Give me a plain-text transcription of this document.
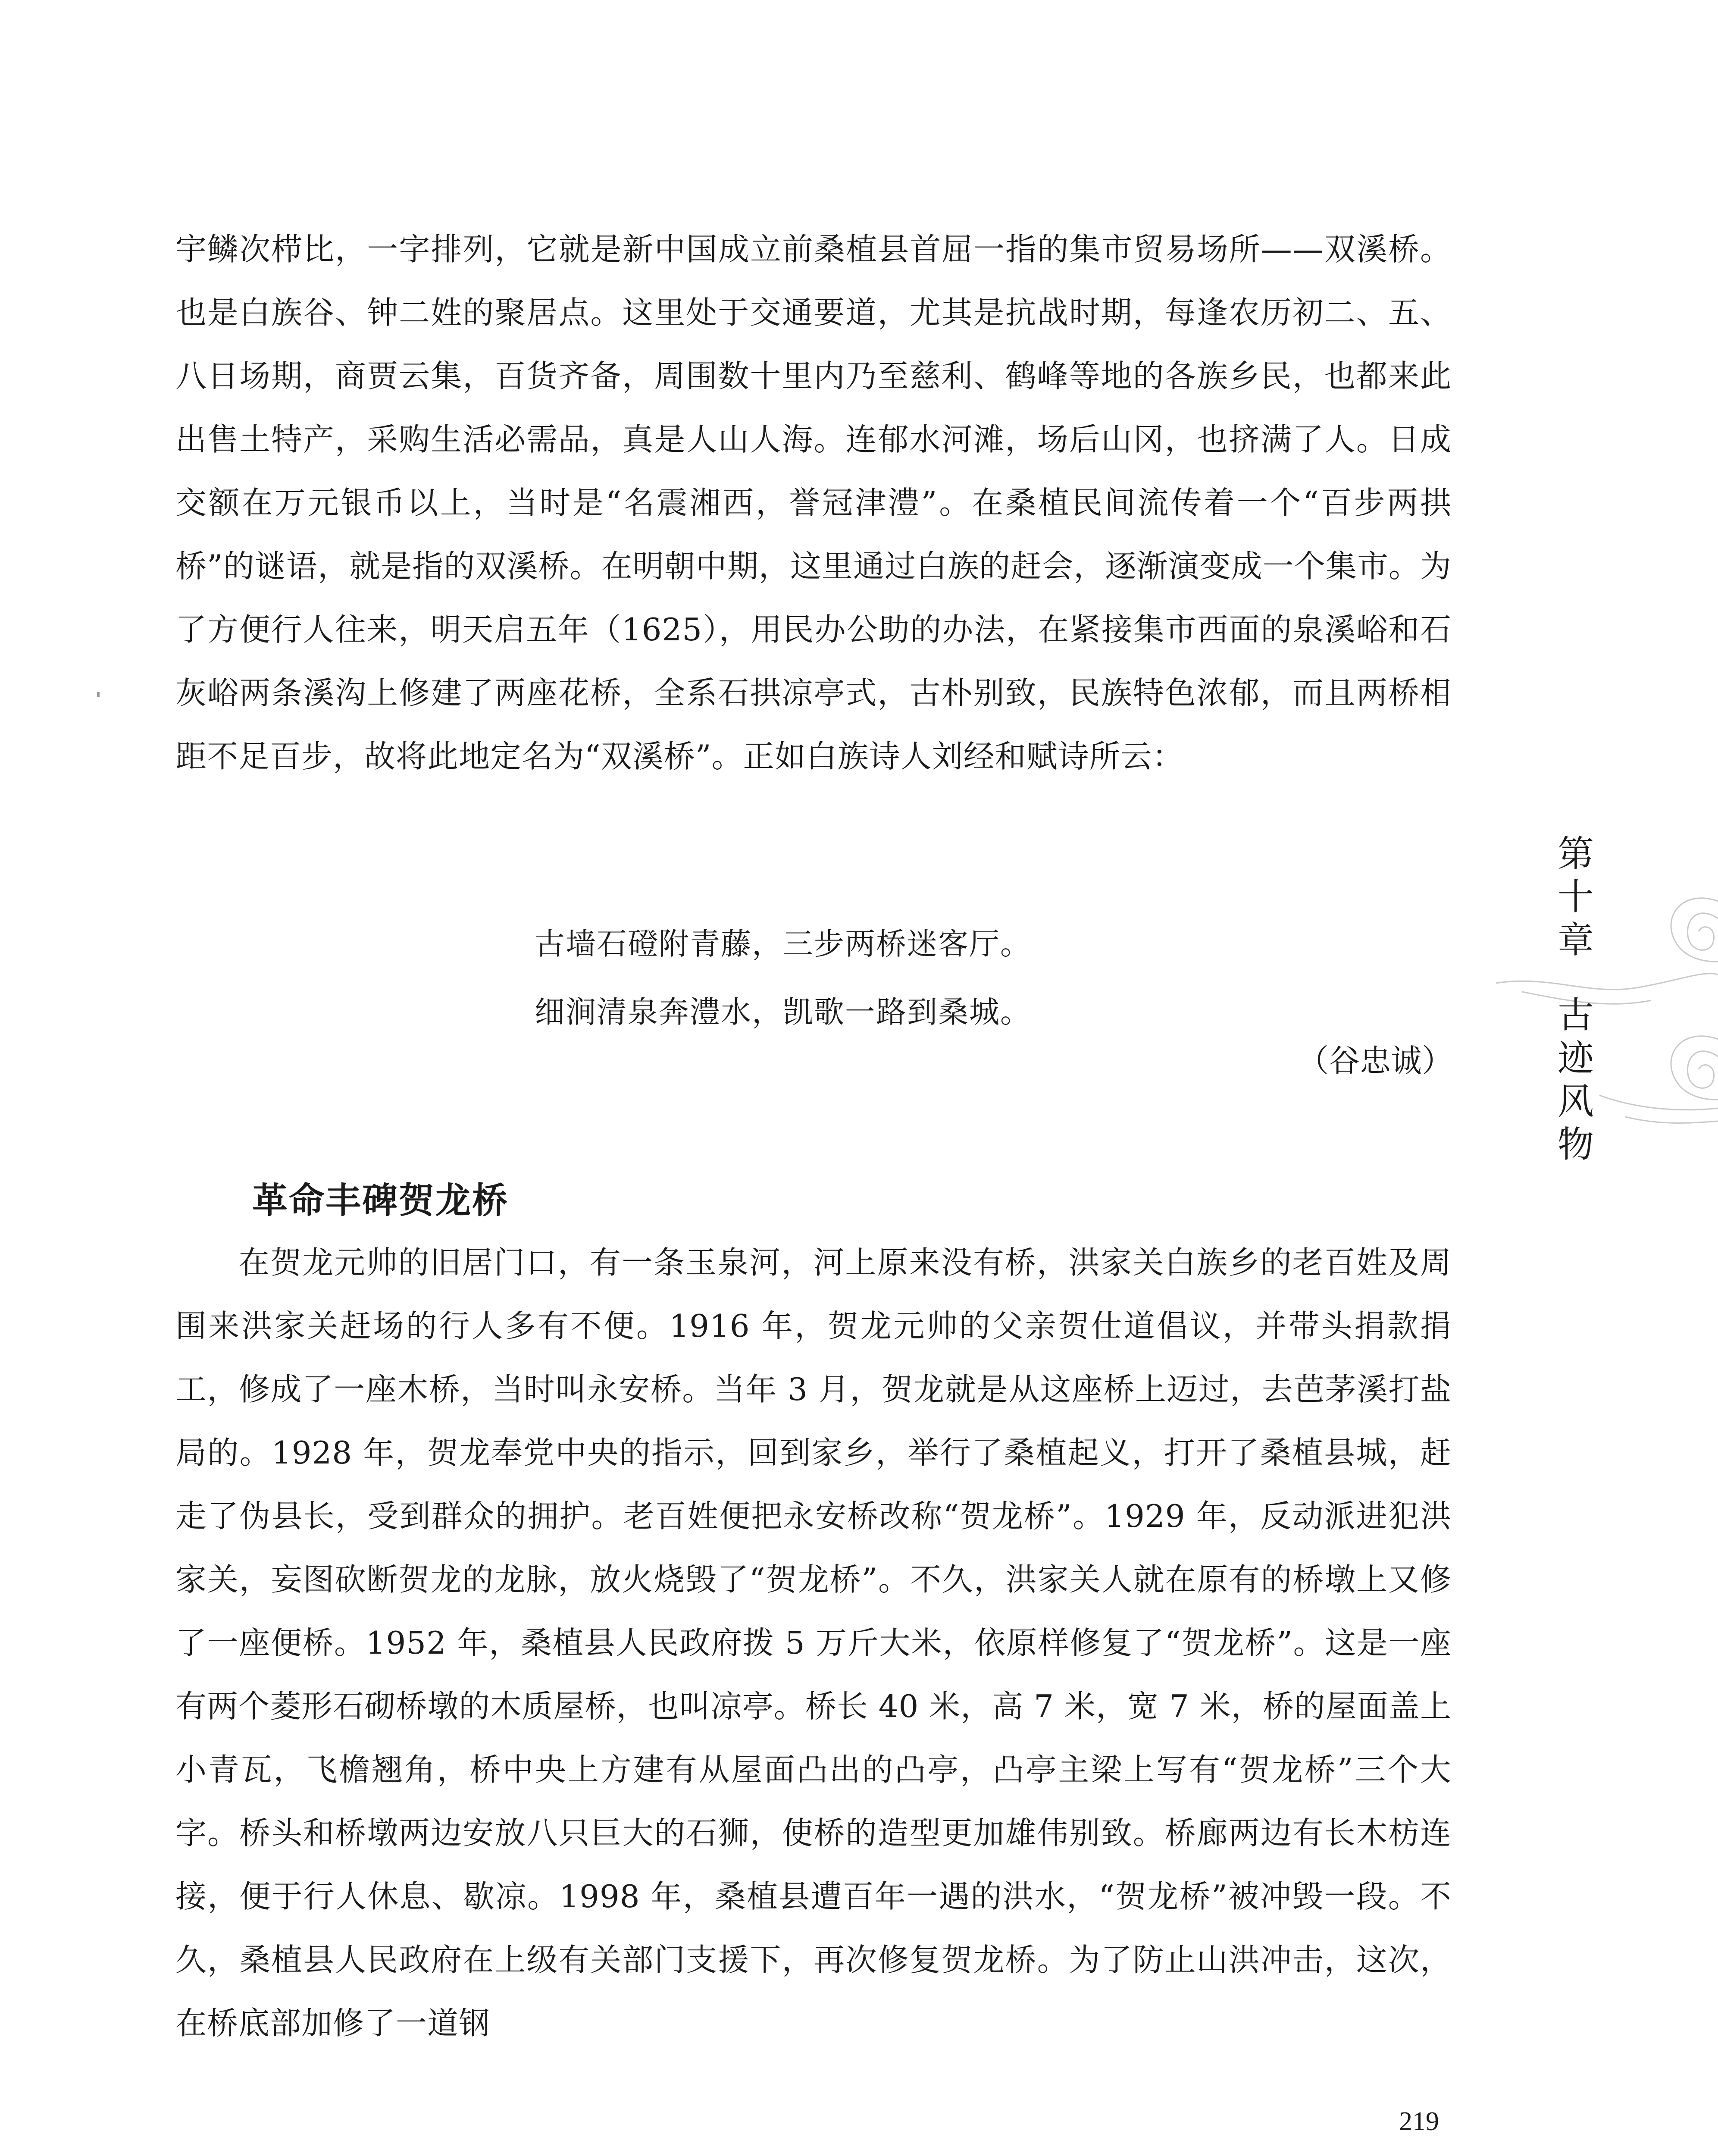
宇鳞次栉比，一字排列，它就是新中国成立前桑植县首屈一指的集市贸易场所——双溪桥。也是白族谷、钟二姓的聚居点。这里处于交通要道，尤其是抗战时期，每逢农历初二、五、八日场期，商贾云集，百货齐备，周围数十里内乃至慈利、鹤峰等地的各族乡民，也都来此出售土特产，采购生活必需品，真是人山人海。连郁水河滩，场后山冈，也挤满了人。日成交额在万元银币以上，当时是“名震湘西，誉冠津澧”。在桑植民间流传着一个“百步两拱桥”的谜语，就是指的双溪桥。在明朝中期，这里通过白族的赶会，逐渐演变成一个集市。为了方便行人往来，明天启五年（1625），用民办公助的办法，在紧接集市西面的泉溪峪和石灰峪两条溪沟上修建了两座花桥，全系石拱凉亭式，古朴别致，民族特色浓郁，而且两桥相距不足百步，故将此地定名为“双溪桥”。正如白族诗人刘经和赋诗所云：

古墙石磴附青藤，三步两桥迷客厅。
细涧清泉奔澧水，凯歌一路到桑城。
（谷忠诚）
革命丰碑贺龙桥

在贺龙元帅的旧居门口，有一条玉泉河，河上原来没有桥，洪家关白族乡的老百姓及周围来洪家关赶场的行人多有不便。1916 年，贺龙元帅的父亲贺仕道倡议，并带头捐款捐工，修成了一座木桥，当时叫永安桥。当年 3 月，贺龙就是从这座桥上迈过，去芭茅溪打盐局的。1928 年，贺龙奉党中央的指示，回到家乡，举行了桑植起义，打开了桑植县城，赶走了伪县长，受到群众的拥护。老百姓便把永安桥改称“贺龙桥”。1929 年，反动派进犯洪家关，妄图砍断贺龙的龙脉，放火烧毁了“贺龙桥”。不久，洪家关人就在原有的桥墩上又修了一座便桥。1952 年，桑植县人民政府拨 5 万斤大米，依原样修复了“贺龙桥”。这是一座有两个菱形石砌桥墩的木质屋桥，也叫凉亭。桥长 40 米，高 7 米，宽 7 米，桥的屋面盖上小青瓦，飞檐翘角，桥中央上方建有从屋面凸出的凸亭，凸亭主梁上写有“贺龙桥”三个大字。桥头和桥墩两边安放八只巨大的石狮，使桥的造型更加雄伟别致。桥廊两边有长木枋连接，便于行人休息、歇凉。1998 年，桑植县遭百年一遇的洪水，“贺龙桥”被冲毁一段。不久，桑植县人民政府在上级有关部门支援下，再次修复贺龙桥。为了防止山洪冲击，这次，在桥底部加修了一道钢

第
十
章
古
迹
风
物
219
